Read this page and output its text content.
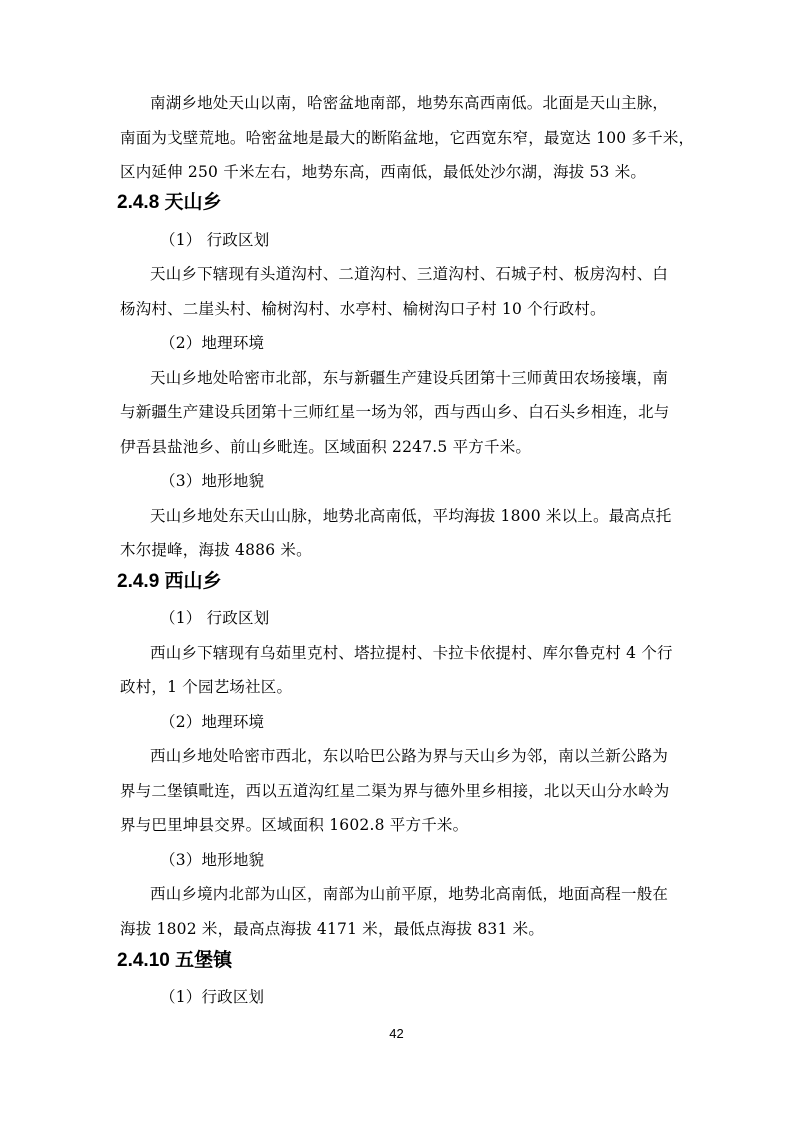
南湖乡地处天山以南，哈密盆地南部，地势东高西南低。北面是天山主脉，
南面为戈壁荒地。哈密盆地是最大的断陷盆地，它西宽东窄，最宽达 100 多千米，
区内延伸 250 千米左右，地势东高，西南低，最低处沙尔湖，海拔 53 米。
2.4.8 天山乡
（1） 行政区划
天山乡下辖现有头道沟村、二道沟村、三道沟村、石城子村、板房沟村、白
杨沟村、二崖头村、榆树沟村、水亭村、榆树沟口子村 10 个行政村。
（2）地理环境
天山乡地处哈密市北部，东与新疆生产建设兵团第十三师黄田农场接壤，南
与新疆生产建设兵团第十三师红星一场为邻，西与西山乡、白石头乡相连，北与
伊吾县盐池乡、前山乡毗连。区域面积 2247.5 平方千米。
（3）地形地貌
天山乡地处东天山山脉，地势北高南低，平均海拔 1800 米以上。最高点托
木尔提峰，海拔 4886 米。
2.4.9 西山乡
（1） 行政区划
西山乡下辖现有乌茹里克村、塔拉提村、卡拉卡依提村、库尔鲁克村 4 个行
政村，1 个园艺场社区。
（2）地理环境
西山乡地处哈密市西北，东以哈巴公路为界与天山乡为邻，南以兰新公路为
界与二堡镇毗连，西以五道沟红星二渠为界与德外里乡相接，北以天山分水岭为
界与巴里坤县交界。区域面积 1602.8 平方千米。
（3）地形地貌
西山乡境内北部为山区，南部为山前平原，地势北高南低，地面高程一般在
海拔 1802 米，最高点海拔 4171 米，最低点海拔 831 米。
2.4.10 五堡镇
（1）行政区划
42
